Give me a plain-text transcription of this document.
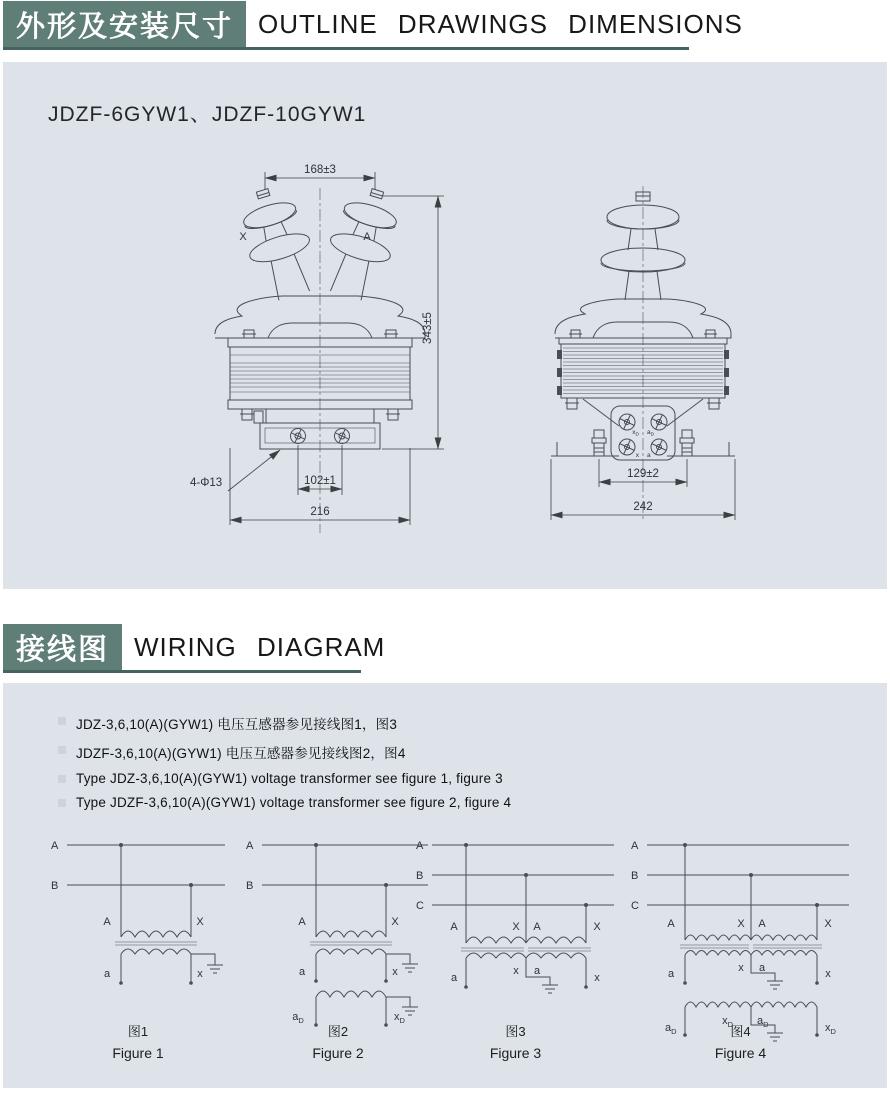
外形及安装尺寸 OUTLINE DRAWINGS DIMENSIONS
JDZF-6GYW1、JDZF-10GYW1
X	A
168±3
343±5
102±1
4-Φ13
216
$x_D$ $a_D$
x a
129±2
242
接线图 WIRING DIAGRAM
JDZ-3,6,10(A)(GYW1) 电压互感器参见接线图1，图3
JDZF-3,6,10(A)(GYW1) 电压互感器参见接线图2，图4
Type JDZ-3,6,10(A)(GYW1) voltage transformer see figure 1, figure 3
Type JDZF-3,6,10(A)(GYW1) voltage transformer see figure 2, figure 4
A
B
A	X
a	x
图1
Figure 1
A
B
A	X
a	x
$a_D$	$x_D$
图2
Figure 2
A
B
C
A	X A	X
a
x a
x
图3
Figure 3
A
B
C
A	X A	X
a	x a	x
$a_D$
$x_D$ $a_D$	$x_D$
图4
Figure 4
